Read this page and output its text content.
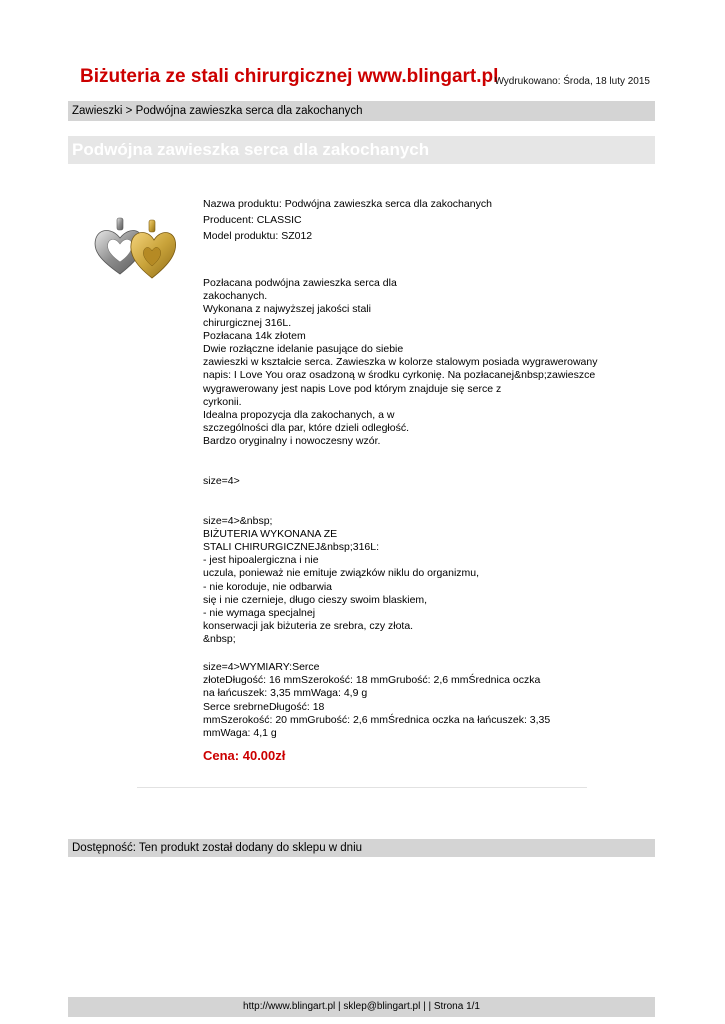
Biżuteria ze stali chirurgicznej www.blingart.pl
Wydrukowano: Środa, 18 luty 2015
Zawieszki > Podwójna zawieszka serca dla zakochanych
Podwójna zawieszka serca dla zakochanych
Nazwa produktu: Podwójna zawieszka serca dla zakochanych
Producent: CLASSIC
Model produktu: SZ012
Pozłacana podwójna zawieszka serca dla
zakochanych.
Wykonana z najwyższej jakości stali
chirurgicznej 316L.
Pozłacana 14k złotem
Dwie rozłączne idelanie pasujące do siebie
zawieszki w kształcie serca. Zawieszka w kolorze stalowym posiada wygrawerowany
napis: I Love You oraz osadzoną w środku cyrkonię. Na pozłacanej&nbsp;zawieszce
wygrawerowany jest napis Love pod którym znajduje się serce z
cyrkonii.
Idealna propozycja dla zakochanych, a w
szczególności dla par, które dzieli odległość.
Bardzo oryginalny i nowoczesny wzór.

size=4>

size=4>&nbsp;
BIŻUTERIA WYKONANA ZE
STALI CHIRURGICZNEJ&nbsp;316L:
- jest hipoalergiczna i nie
uczula, ponieważ nie emituje związków niklu do organizmu,
- nie koroduje, nie odbarwia
się i nie czernieje, długo cieszy swoim blaskiem,
- nie wymaga specjalnej
konserwacji jak biżuteria ze srebra, czy złota.
&nbsp;
size=4>WYMIARY:Serce
złoteDługość: 16 mmSzerokość: 18 mmGrubość: 2,6 mmŚrednica oczka
na łańcuszek: 3,35 mmWaga: 4,9 g
Serce srebrneDługość: 18
mmSzerokość: 20 mmGrubość: 2,6 mmŚrednica oczka na łańcuszek: 3,35
mmWaga: 4,1 g
Cena: 40.00zł
Dostępność: Ten produkt został dodany do sklepu w dniu
http://www.blingart.pl | sklep@blingart.pl | | Strona 1/1
